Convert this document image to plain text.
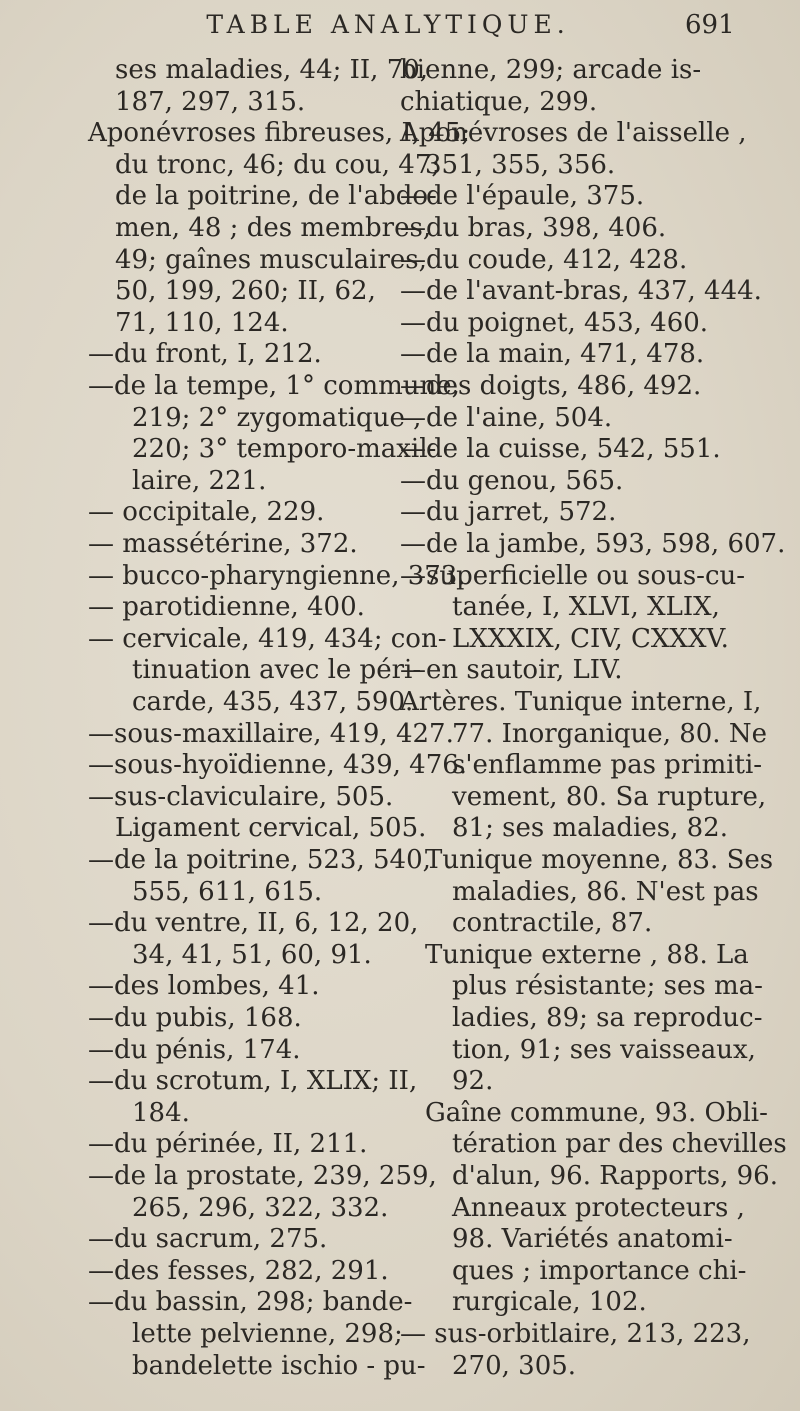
TABLE ANALYTIQUE.	691
ses maladies, 44; II, 70,
187, 297, 315.
Aponévroses fibreuses, I, 45;
du tronc, 46; du cou, 47;
de la poitrine, de l'abdo-
men, 48 ; des membres,
49; gaînes musculaires,
50, 199, 260; II, 62,
71, 110, 124.
—du front, I, 212.
—de la tempe, 1° commune,
219; 2° zygomatique ,
220; 3° temporo-maxil-
laire, 221.
— occipitale, 229.
— massétérine, 372.
— bucco-pharyngienne, 373.
— parotidienne, 400.
— cervicale, 419, 434; con-
tinuation avec le péri-
carde, 435, 437, 590.
—sous-maxillaire, 419, 427.
—sous-hyoïdienne, 439, 476.
—sus-claviculaire, 505.
Ligament cervical, 505.
—de la poitrine, 523, 540,
555, 611, 615.
—du ventre, II, 6, 12, 20,
34, 41, 51, 60, 91.
—des lombes, 41.
—du pubis, 168.
—du pénis, 174.
—du scrotum, I, XLIX; II,
184.
—du périnée, II, 211.
—de la prostate, 239, 259,
265, 296, 322, 332.
—du sacrum, 275.
—des fesses, 282, 291.
—du bassin, 298; bande-
lette pelvienne, 298;
bandelette ischio - pu-
bienne, 299; arcade is-
chiatique, 299.
Aponévroses de l'aisselle ,
351, 355, 356.
—de l'épaule, 375.
—du bras, 398, 406.
—du coude, 412, 428.
—de l'avant-bras, 437, 444.
—du poignet, 453, 460.
—de la main, 471, 478.
—des doigts, 486, 492.
—de l'aine, 504.
—de la cuisse, 542, 551.
—du genou, 565.
—du jarret, 572.
—de la jambe, 593, 598, 607.
—superficielle ou sous-cu-
tanée, I, XLVI, XLIX,
LXXXIX, CIV, CXXXV.
—en sautoir, LIV.
Artères. Tunique interne, I,
77. Inorganique, 80. Ne
s'enflamme pas primiti-
vement, 80. Sa rupture,
81; ses maladies, 82.
Tunique moyenne, 83. Ses
maladies, 86. N'est pas
contractile, 87.
Tunique externe , 88. La
plus résistante; ses ma-
ladies, 89; sa reproduc-
tion, 91; ses vaisseaux,
92.
Gaîne commune, 93. Obli-
tération par des chevilles
d'alun, 96. Rapports, 96.
Anneaux protecteurs ,
98. Variétés anatomi-
ques ; importance chi-
rurgicale, 102.
— sus-orbitlaire, 213, 223,
270, 305.
